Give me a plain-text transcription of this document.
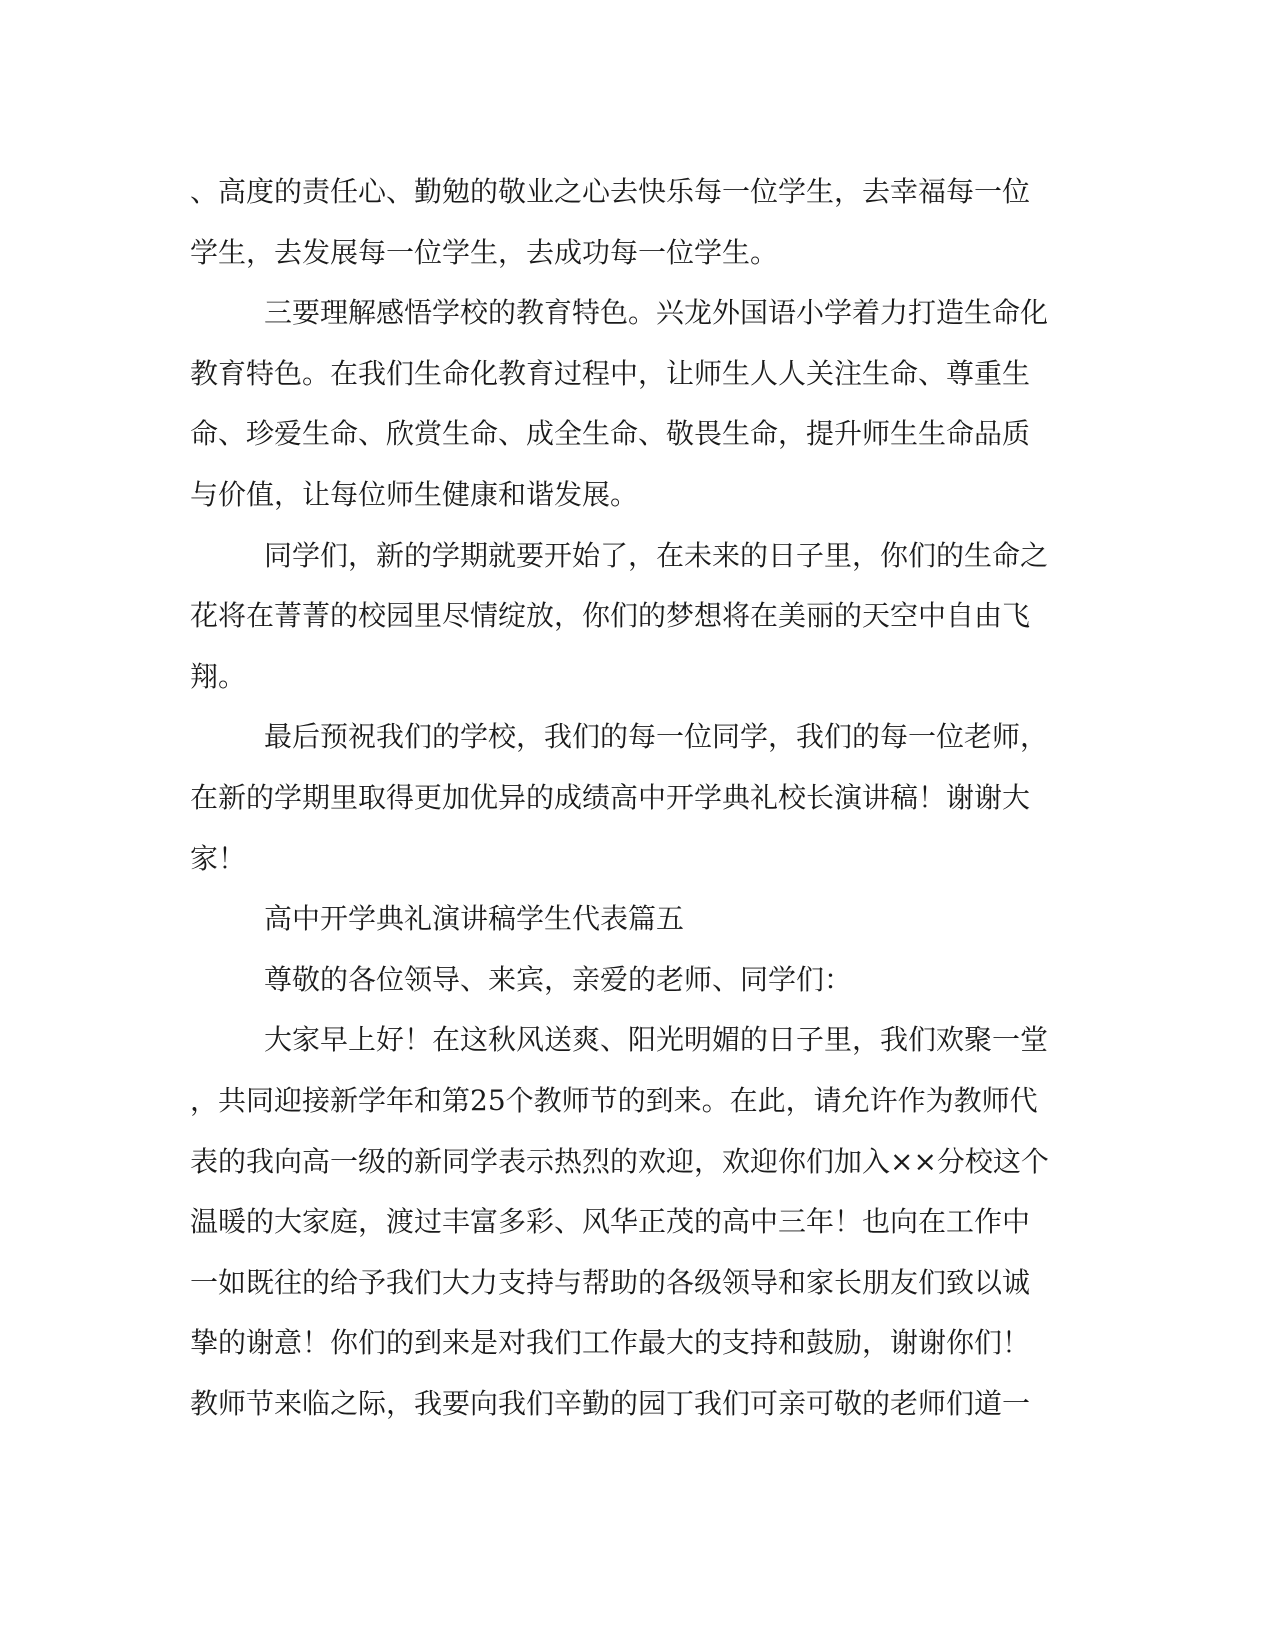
、高度的责任心、勤勉的敬业之心去快乐每一位学生，去幸福每一位
学生，去发展每一位学生，去成功每一位学生。
三要理解感悟学校的教育特色。兴龙外国语小学着力打造生命化
教育特色。在我们生命化教育过程中，让师生人人关注生命、尊重生
命、珍爱生命、欣赏生命、成全生命、敬畏生命，提升师生生命品质
与价值，让每位师生健康和谐发展。
同学们，新的学期就要开始了，在未来的日子里，你们的生命之
花将在菁菁的校园里尽情绽放，你们的梦想将在美丽的天空中自由飞
翔。
最后预祝我们的学校，我们的每一位同学，我们的每一位老师，
在新的学期里取得更加优异的成绩高中开学典礼校长演讲稿！谢谢大
家！
高中开学典礼演讲稿学生代表篇五
尊敬的各位领导、来宾，亲爱的老师、同学们：
大家早上好！在这秋风送爽、阳光明媚的日子里，我们欢聚一堂
，共同迎接新学年和第25个教师节的到来。在此，请允许作为教师代
表的我向高一级的新同学表示热烈的欢迎，欢迎你们加入××分校这个
温暖的大家庭，渡过丰富多彩、风华正茂的高中三年！也向在工作中
一如既往的给予我们大力支持与帮助的各级领导和家长朋友们致以诚
挚的谢意！你们的到来是对我们工作最大的支持和鼓励，谢谢你们！
教师节来临之际，我要向我们辛勤的园丁我们可亲可敬的老师们道一
